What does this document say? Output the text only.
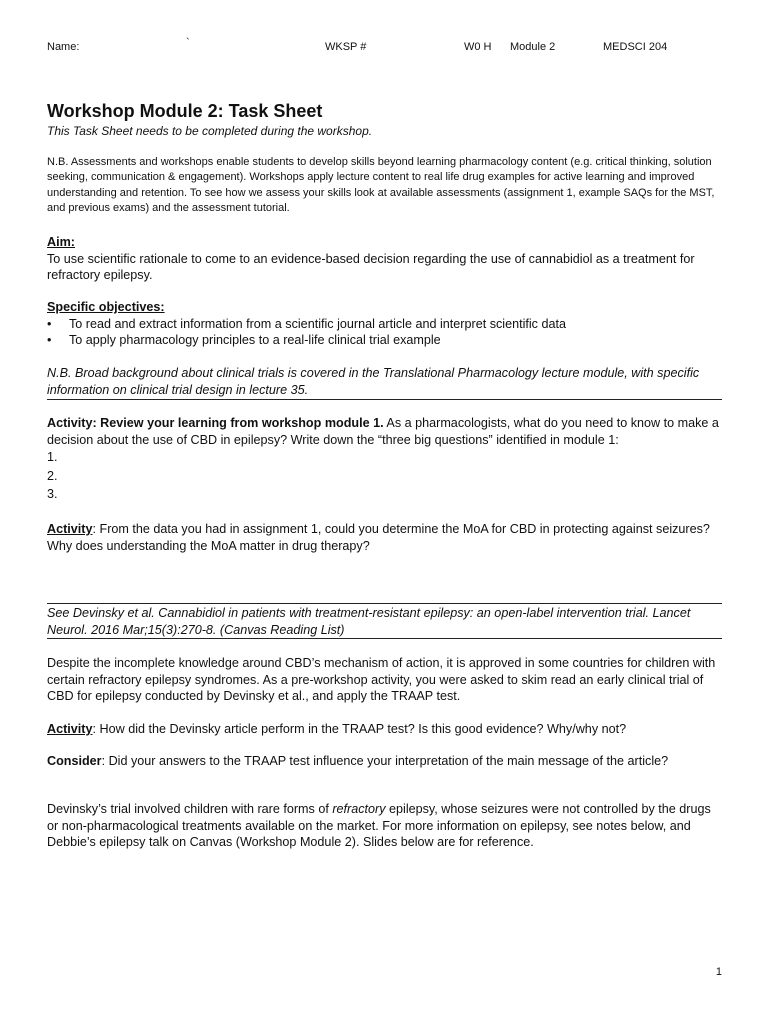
Name:	`	WKSP #	W0 H Module 2	MEDSCI 204
Workshop Module 2: Task Sheet
This Task Sheet needs to be completed during the workshop.
N.B. Assessments and workshops enable students to develop skills beyond learning pharmacology content (e.g. critical thinking, solution seeking, communication & engagement). Workshops apply lecture content to real life drug examples for active learning and improved understanding and retention. To see how we assess your skills look at available assessments (assignment 1, example SAQs for the MST, and previous exams) and the assessment tutorial.
Aim:
To use scientific rationale to come to an evidence-based decision regarding the use of cannabidiol as a treatment for refractory epilepsy.
Specific objectives:
• To read and extract information from a scientific journal article and interpret scientific data
• To apply pharmacology principles to a real-life clinical trial example
N.B. Broad background about clinical trials is covered in the Translational Pharmacology lecture module, with specific information on clinical trial design in lecture 35.
Activity: Review your learning from workshop module 1. As a pharmacologists, what do you need to know to make a decision about the use of CBD in epilepsy? Write down the “three big questions” identified in module 1:
1.
2.
3.
Activity: From the data you had in assignment 1, could you determine the MoA for CBD in protecting against seizures? Why does understanding the MoA matter in drug therapy?
See Devinsky et al. Cannabidiol in patients with treatment-resistant epilepsy: an open-label intervention trial. Lancet Neurol. 2016 Mar;15(3):270-8. (Canvas Reading List)
Despite the incomplete knowledge around CBD’s mechanism of action, it is approved in some countries for children with certain refractory epilepsy syndromes. As a pre-workshop activity, you were asked to skim read an early clinical trial of CBD for epilepsy conducted by Devinsky et al., and apply the TRAAP test.
Activity: How did the Devinsky article perform in the TRAAP test? Is this good evidence? Why/why not?
Consider: Did your answers to the TRAAP test influence your interpretation of the main message of the article?
Devinsky’s trial involved children with rare forms of refractory epilepsy, whose seizures were not controlled by the drugs or non-pharmacological treatments available on the market. For more information on epilepsy, see notes below, and Debbie’s epilepsy talk on Canvas (Workshop Module 2). Slides below are for reference.
1
